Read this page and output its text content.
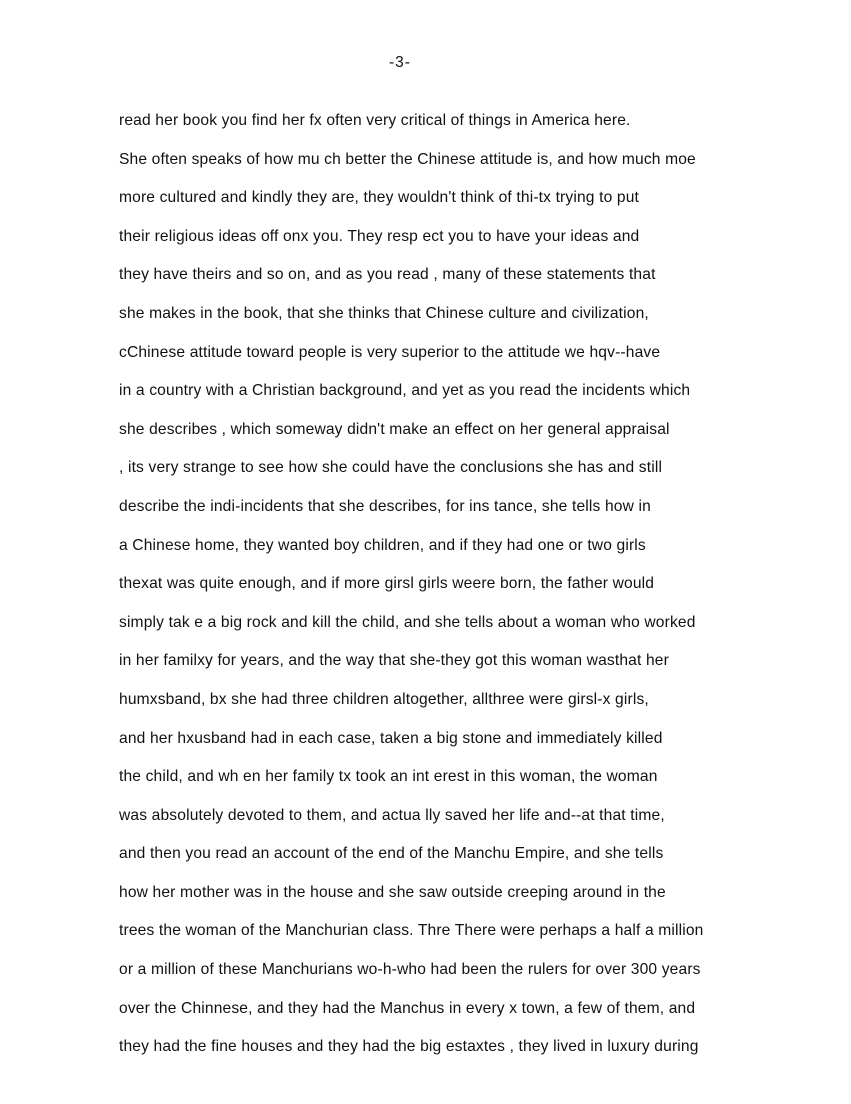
-3-
read her book you find her fx often very critical of things in America here.
She often speaks of how mu ch better the Chinese attitude is, and how much moe
more cultured and kindly they are, they wouldn't think of thi-tx trying to put
their religious ideas off onx you. They resp ect you to have your ideas and
they have theirs and so on, and as you read , many of these statements that
she makes in the book, that she thinks that Chinese culture and civilization,
cChinese attitude toward people is very superior to the attitude we hqv--have
in a country with a Christian background, and yet as you read the incidents which
she describes , which someway didn't make an effect on her general appraisal
, its very strange to see how she could have the conclusions she has and still
describe the indi-incidents that she describes, for ins tance, she tells how in
a Chinese home, they wanted boy children, and if they had one or two girls
thexat was quite enough, and if more girsl girls weere born, the father would
simply tak e a big rock and kill the child, and she tells about a woman who worked
in her familxy for years, and the way that she-they got this woman wasthat her
humxsband, bx she had three children altogether, allthree were girsl-x girls,
and her hxusband had in each case, taken a big stone and immediately killed
the child, and wh en her family tx took an int erest in this woman, the woman
was absolutely devoted to them, and actua lly saved her life and--at that time,
and then you read an account of the end of the Manchu Empire, and she tells
how her mother was in the house and she saw outside creeping around in the
trees the woman of the Manchurian class. Thre There were perhaps a half a million
or a million of these Manchurians wo-h-who had been the rulers for over 300 years
over the Chinnese, and they had the Manchus in every x town, a few of them, and
they had the fine houses and they had the big estaxtes , they lived in luxury during
